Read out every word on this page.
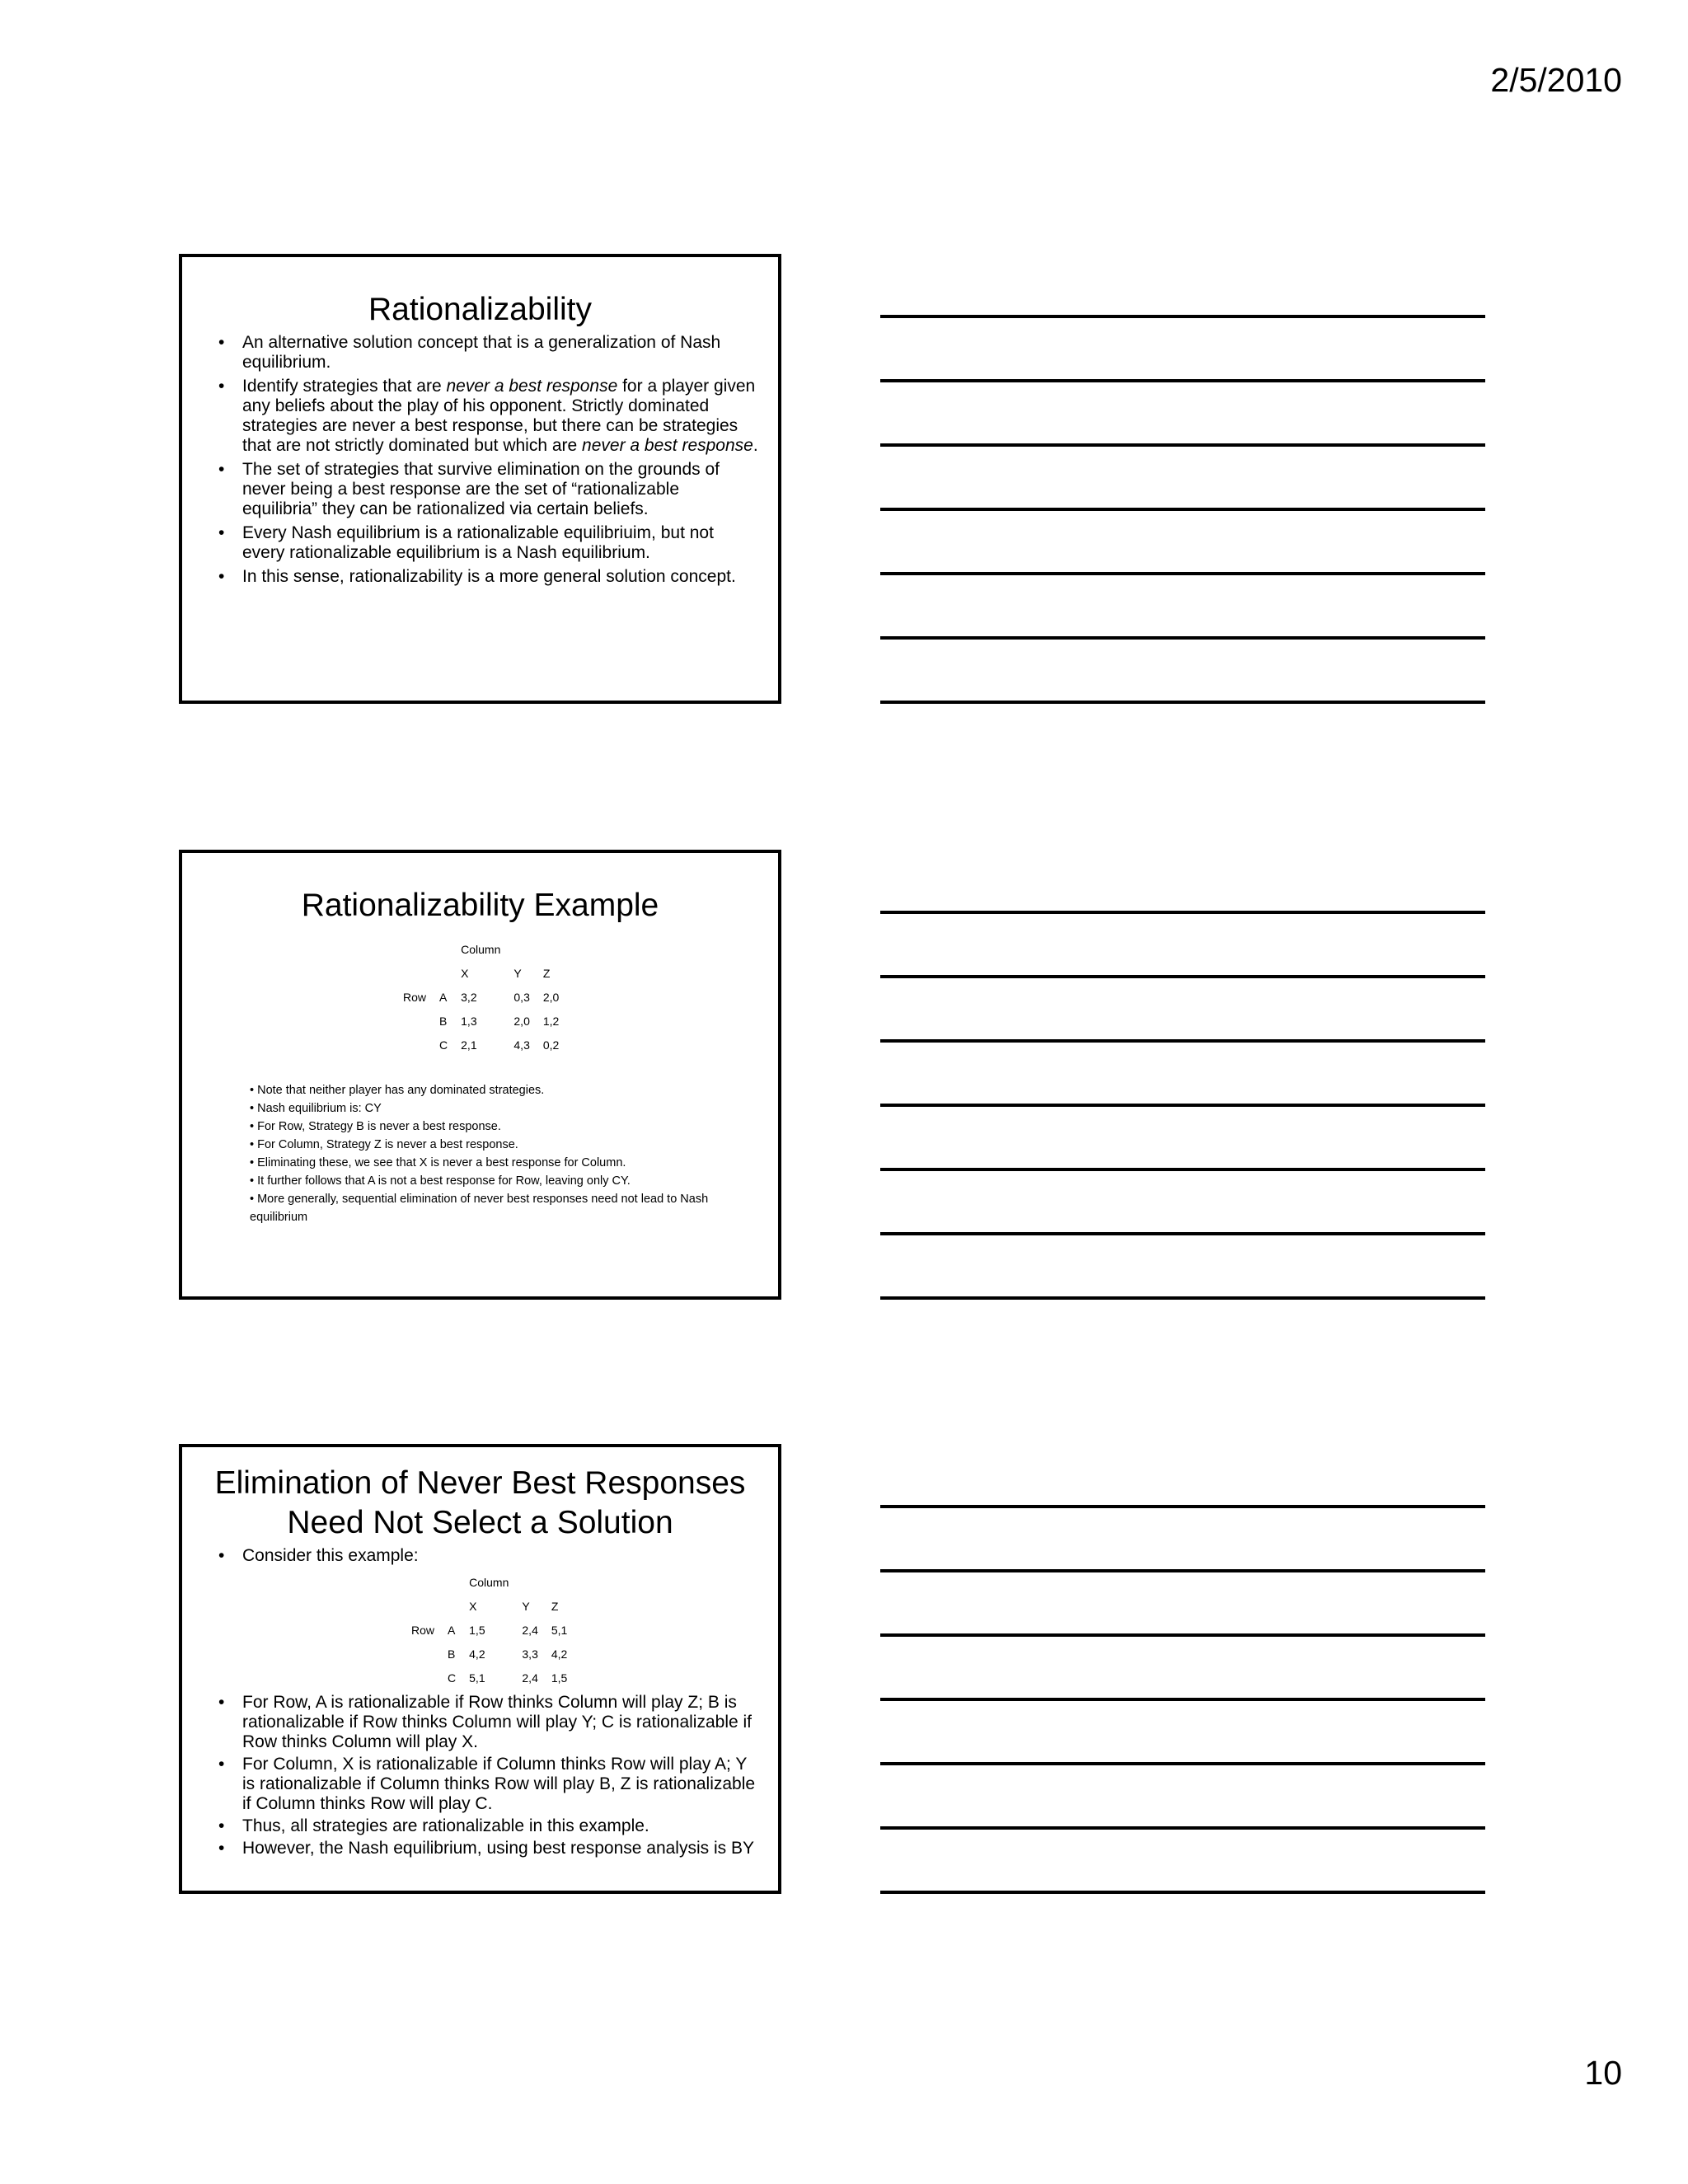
2/5/2010
Rationalizability
• An alternative solution concept that is a generalization of Nash equilibrium.
• Identify strategies that are never a best response for a player given any beliefs about the play of his opponent. Strictly dominated strategies are never a best response, but there can be strategies that are not strictly dominated but which are never a best response.
• The set of strategies that survive elimination on the grounds of never being a best response are the set of “rationalizable equilibria” they can be rationalized via certain beliefs.
• Every Nash equilibrium is a rationalizable equilibriuim, but not every rationalizable equilibrium is a Nash equilibrium.
• In this sense, rationalizability is a more general solution concept.
Rationalizability Example
		Column		
		X	Y	Z
Row	A	3,2	0,3	2,0
	B	1,3	2,0	1,2
	C	2,1	4,3	0,2
• Note that neither player has any dominated strategies.
• Nash equilibrium is: CY
• For Row, Strategy B is never a best response.
• For Column, Strategy Z is never a best response.
• Eliminating these, we see that X is never a best response for Column.
• It further follows that A is not a best response for Row, leaving only CY.
• More generally, sequential elimination of never best responses need not lead to Nash equilibrium
Elimination of Never Best Responses
Need Not Select a Solution
• Consider this example:
		Column		
		X	Y	Z
Row	A	1,5	2,4	5,1
	B	4,2	3,3	4,2
	C	5,1	2,4	1,5
• For Row, A is rationalizable if Row thinks Column will play Z; B is rationalizable if Row thinks Column will play Y; C is rationalizable if Row thinks Column will play X.
• For Column, X is rationalizable if Column thinks Row will play A; Y is rationalizable if Column thinks Row will play B, Z is rationalizable if Column thinks Row will play C.
• Thus, all strategies are rationalizable in this example.
• However, the Nash equilibrium, using best response analysis is BY
10
